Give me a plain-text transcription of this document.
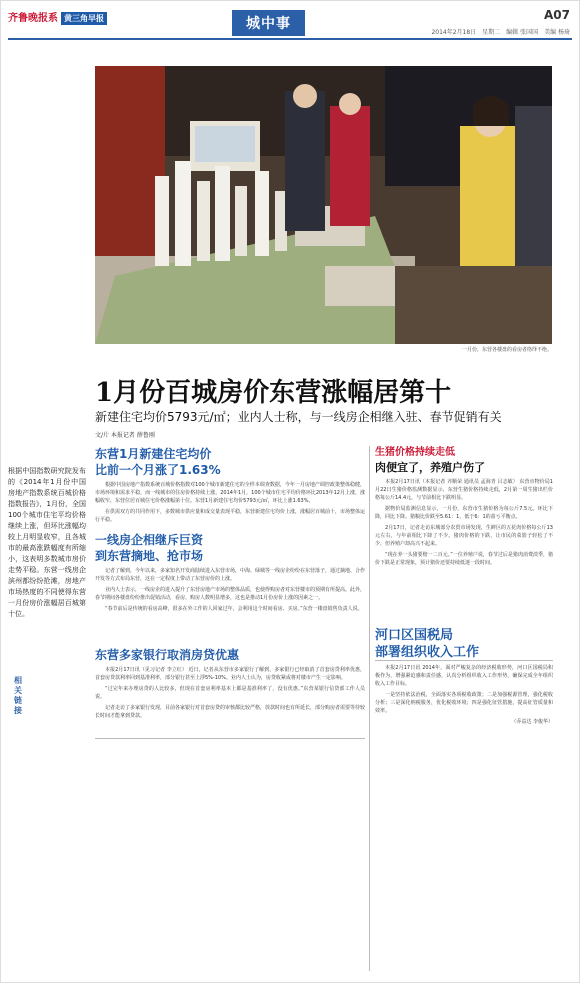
齐鲁晚报系 黄三角早报	城中事
A07
2014年2月18日　星期二　编辑 张国国　美编 杨琦
一月份，东营各楼盘的看房者络绎不绝。
1月份百城房价东营涨幅居第十
新建住宅均价5793元/㎡；业内人士称，与一线房企相继入驻、春节促销有关
文/片 本报记者 薛鲁刚
根据中国指数研究院发布的《2014年1月份中国房地产指数系统百城价格指数报告》，1月份，全国100个城市住宅平均价格继续上涨，但环比涨幅均较上月明显收窄，且各城市的最高涨跌幅度有所缩小，这表明多数城市房价走势平稳。东营一线房企滨州都纷纷抢滩，房地产市场热度的不同使得东营一月份房价涨幅居百城第十位。
相关链接
东营1月新建住宅均价
比前一个月涨了1.63%

根据中国房地产指数系统百城价格指数对100个城市新建住宅的全样本调查数据，今年一月房地产调控政策整体稳健，市场环境和需求平稳，而一线城市的住房价格持续上涨，2014年1月，100个城市住宅平均价格环比2013年12月上涨，涨幅收窄，东营位居百城住宅价格涨幅第十位。东营1月新建住宅均价5793元/㎡，环比上涨1.63%。

在供需双方的共同作用下，多数城市供应量和成交量表现平稳，东营新建住宅均价上涨，涨幅居百城前十，市场整体运行平稳。

一线房企相继斥巨资
到东营摘地、抢市场

记者了解到，今年以来，多家知名开发商陆续进入东营市场，中海、绿城等一线房企纷纷在东营落子，通过摘地、合作开发等方式布局东营，这在一定程度上带动了东营房价的上涨。

业内人士表示，一线房企的进入提升了东营房地产市场的整体品质，也使得购房者对东营楼市的预期有所提高。此外，春节期间各楼盘纷纷推出促销活动，看房、购房人数明显增多，这也是推动1月份房价上涨的因素之一。

“春节前后是传统的看房高峰，很多在外工作的人回家过年，会利用这个时间看房、买房。”东营一楼盘销售负责人说。

东营多家银行取消房贷优惠

本报2月17日讯（见习记者 李立红） 近日，记者从东营市多家银行了解到，多家银行已经取消了首套房贷利率优惠，首套房贷款利率回到基准利率，部分银行甚至上浮5%-10%。业内人士认为，房贷收紧或将对楼市产生一定影响。

“过完年来办理房贷的人比较多，但现在首套房利率基本上都是基准利率了，没有优惠。”东营某银行信贷部工作人员说。

记者走访了多家银行发现，目前各家银行对首套房贷的审核都比较严格，放款时间也有所延长，部分购房者需要等待较长时间才能拿到贷款。

生猪价格持续走低
肉便宜了，养殖户伤了

本报2月17日讯（本报记者 齐顺荣 通讯员 孟海青 吕志敏） 东营市物价局1月22日生猪价格监测数据显示，东营生猪价格持续走低，2月第一周生猪出栏价格每公斤14.4元，与节前相比下跌明显。

据物价局监测信息显示，一月份，东营市生猪价格为每公斤7.5元。环比下降，同比下降。猪粮比价跌至5.61：1，低于6：1的盈亏平衡点。

2月17日，记者走访东城部分农贸市场发现，生鲜区的五花肉价格每公斤13元左右，与年前相比下降了不少。猪肉价格的下跌，让市民的菜篮子轻松了不少，但养殖户却高兴不起来。

“现在养一头猪要赔一二百元。”一位养殖户说，春节过后是猪肉消费淡季，猪价下跌是正常现象，预计猪价还要持续低迷一段时间。

河口区国税局
部署组织收入工作

本报2月17日讯 2014年，面对严峻复杂的经济税收形势，河口区国税局积极作为，增强紧迫感和责任感，认真分析组织收入工作形势，确保完成全年组织收入工作目标。

一是坚持依法治税，全面落实各项税收政策；二是加强税源管理，强化税收分析；三是深化纳税服务，优化税收环境；四是强化征管措施，提高征管质量和效率。

（乔益达 李俊华）
